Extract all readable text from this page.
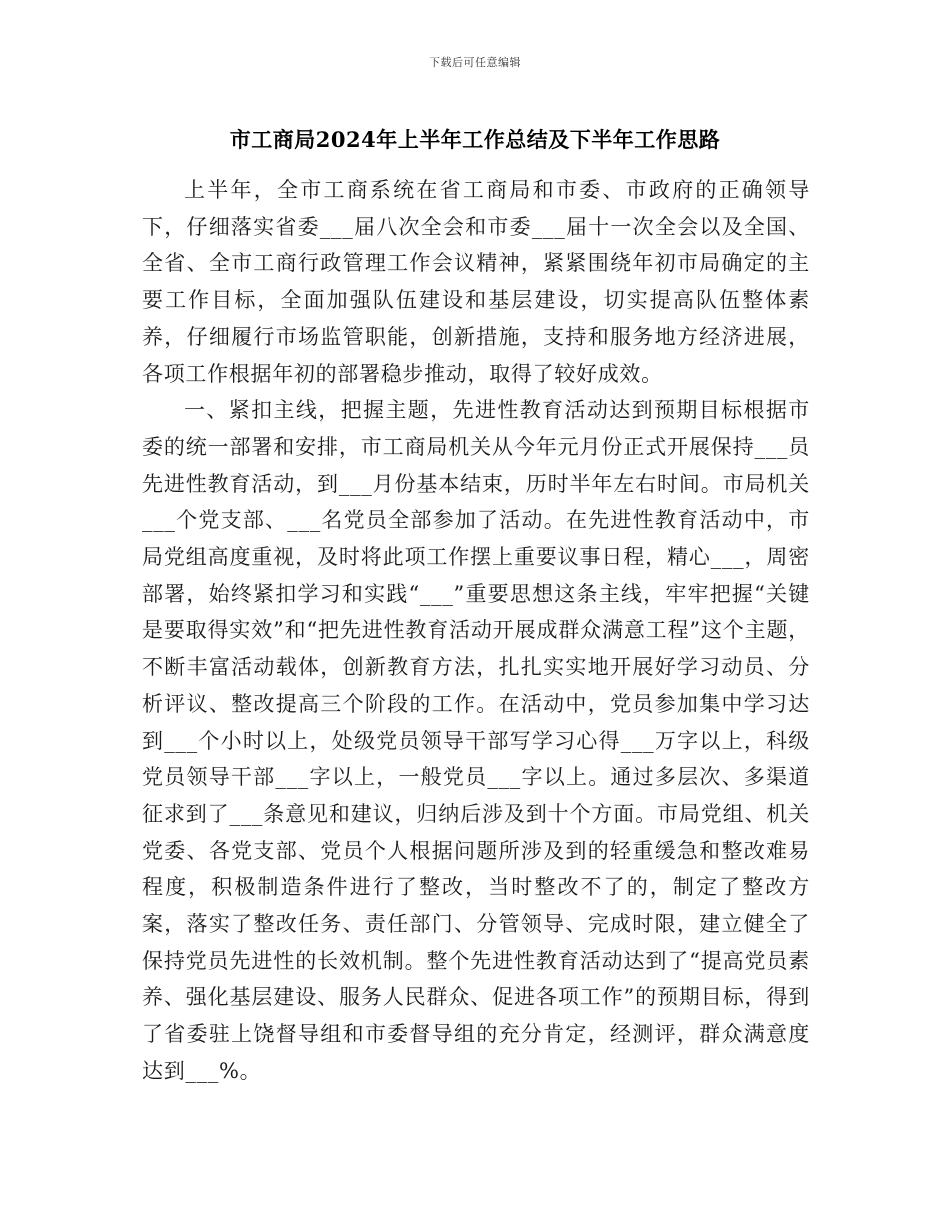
下载后可任意编辑
市工商局2024年上半年工作总结及下半年工作思路

上半年，全市工商系统在省工商局和市委、市政府的正确领导下，仔细落实省委___届八次全会和市委___届十一次全会以及全国、全省、全市工商行政管理工作会议精神，紧紧围绕年初市局确定的主要工作目标，全面加强队伍建设和基层建设，切实提高队伍整体素养，仔细履行市场监管职能，创新措施，支持和服务地方经济进展，各项工作根据年初的部署稳步推动，取得了较好成效。

一、紧扣主线，把握主题，先进性教育活动达到预期目标根据市委的统一部署和安排，市工商局机关从今年元月份正式开展保持___员先进性教育活动，到___月份基本结束，历时半年左右时间。市局机关___个党支部、___名党员全部参加了活动。在先进性教育活动中，市局党组高度重视，及时将此项工作摆上重要议事日程，精心___，周密部署，始终紧扣学习和实践“___”重要思想这条主线，牢牢把握“关键是要取得实效”和“把先进性教育活动开展成群众满意工程”这个主题，不断丰富活动载体，创新教育方法，扎扎实实地开展好学习动员、分析评议、整改提高三个阶段的工作。在活动中，党员参加集中学习达到___个小时以上，处级党员领导干部写学习心得___万字以上，科级党员领导干部___字以上，一般党员___字以上。通过多层次、多渠道征求到了___条意见和建议，归纳后涉及到十个方面。市局党组、机关党委、各党支部、党员个人根据问题所涉及到的轻重缓急和整改难易程度，积极制造条件进行了整改，当时整改不了的，制定了整改方案，落实了整改任务、责任部门、分管领导、完成时限，建立健全了保持党员先进性的长效机制。整个先进性教育活动达到了“提高党员素养、强化基层建设、服务人民群众、促进各项工作”的预期目标，得到了省委驻上饶督导组和市委督导组的充分肯定，经测评，群众满意度达到___%。
